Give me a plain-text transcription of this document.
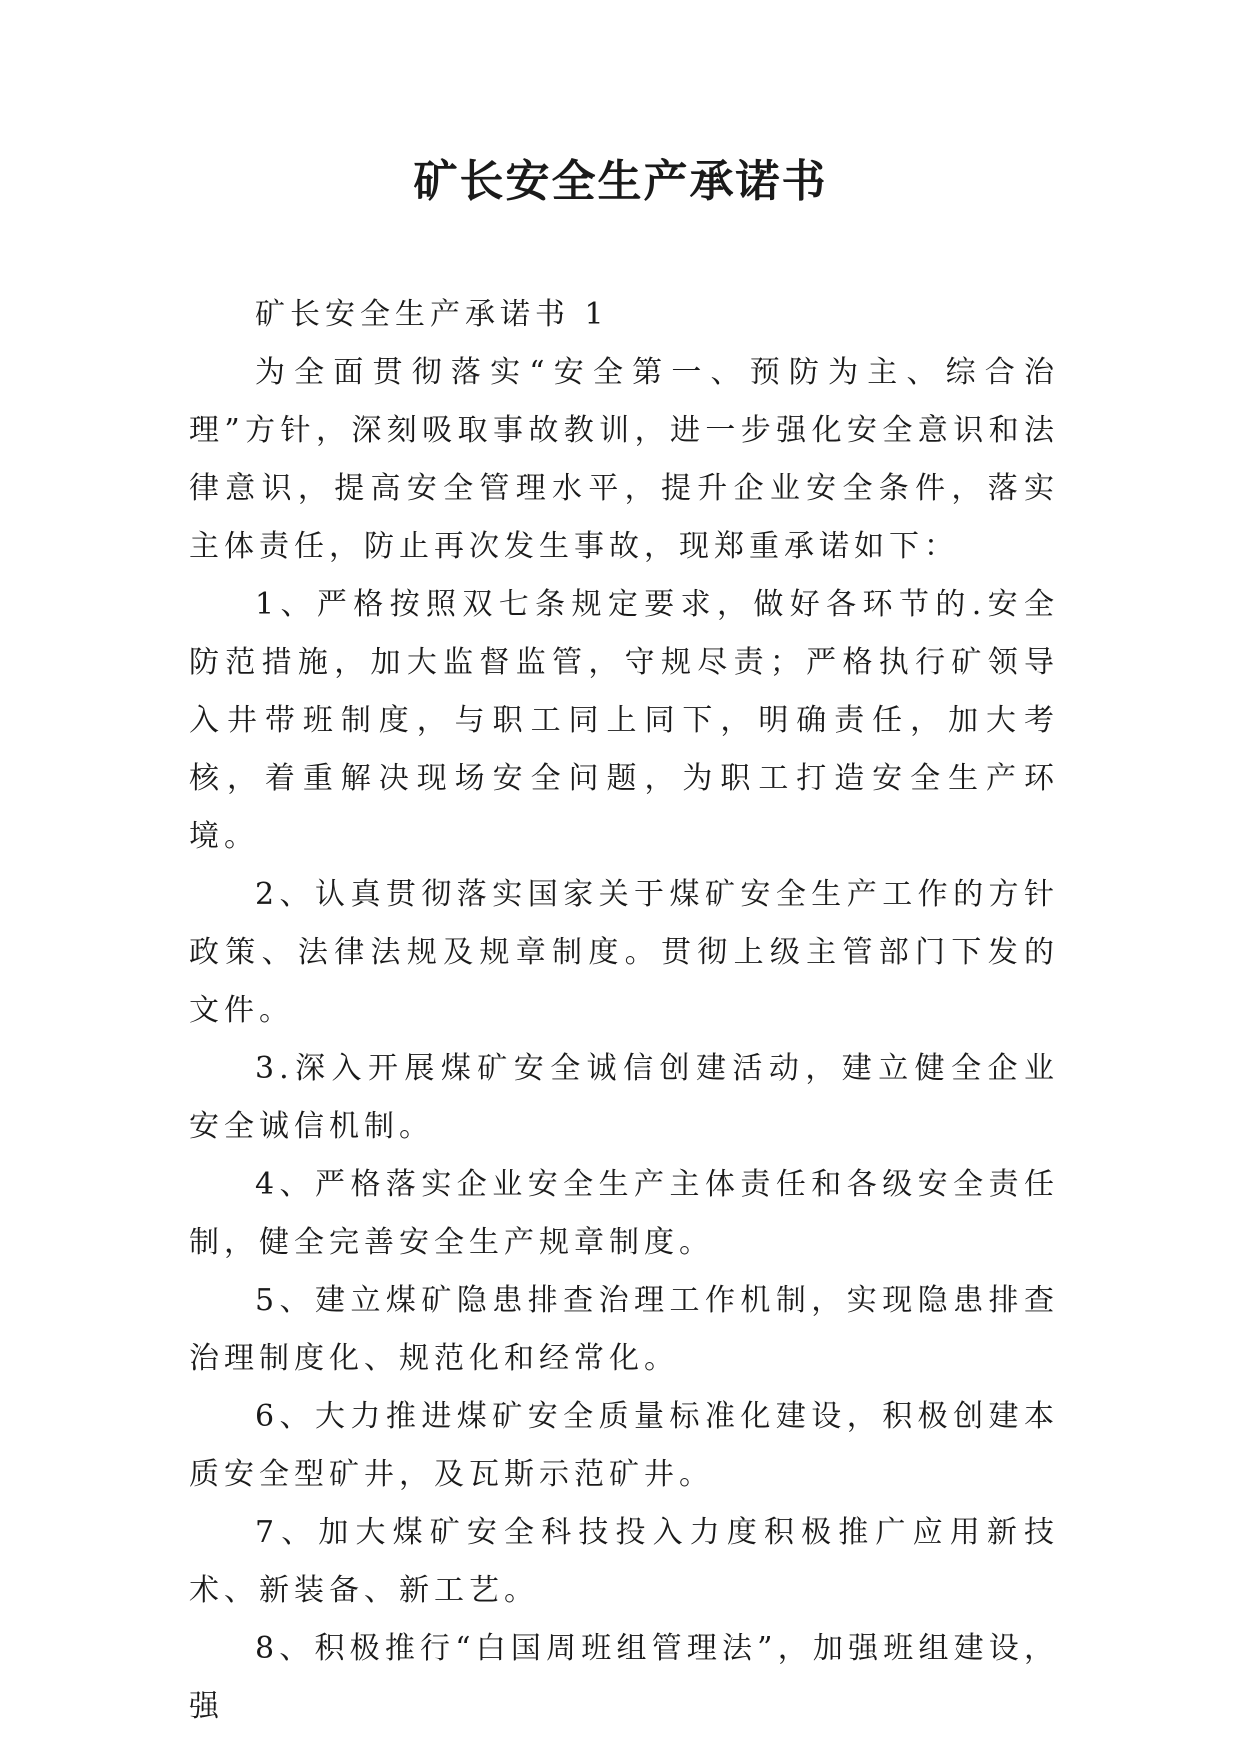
矿长安全生产承诺书

矿长安全生产承诺书 1

为全面贯彻落实“安全第一、预防为主、综合治理”方针，深刻吸取事故教训，进一步强化安全意识和法律意识，提高安全管理水平，提升企业安全条件，落实主体责任，防止再次发生事故，现郑重承诺如下：

1、严格按照双七条规定要求，做好各环节的.安全防范措施，加大监督监管，守规尽责；严格执行矿领导入井带班制度，与职工同上同下，明确责任，加大考核，着重解决现场安全问题，为职工打造安全生产环境。

2、认真贯彻落实国家关于煤矿安全生产工作的方针政策、法律法规及规章制度。贯彻上级主管部门下发的文件。

3.深入开展煤矿安全诚信创建活动，建立健全企业安全诚信机制。

4、严格落实企业安全生产主体责任和各级安全责任制，健全完善安全生产规章制度。

5、建立煤矿隐患排查治理工作机制，实现隐患排查治理制度化、规范化和经常化。

6、大力推进煤矿安全质量标准化建设，积极创建本质安全型矿井，及瓦斯示范矿井。

7、加大煤矿安全科技投入力度积极推广应用新技术、新装备、新工艺。

8、积极推行“白国周班组管理法”，加强班组建设，强
